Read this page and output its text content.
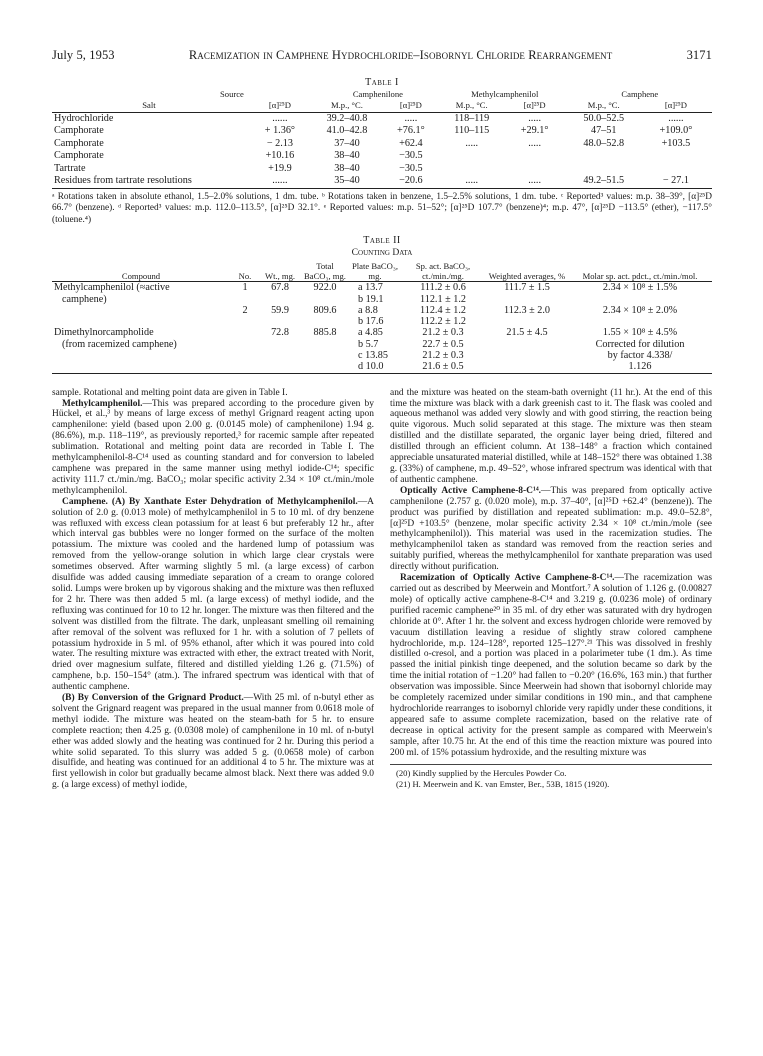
July 5, 1953	Racemization in Camphene Hydrochloride–Isobornyl Chloride Rearrangement	3171
Table I
Source		Camphenilone		Methylcamphenilol		Camphene	
Salt	[α]²⁵D	M.p., °C.	[α]²⁵D	M.p., °C.	[α]²⁵D	M.p., °C.	[α]²⁵D
Hydrochloride	......	39.2–40.8	.....	118–119	.....	50.0–52.5	......
Camphorate	+ 1.36°	41.0–42.8	+76.1°	110–115	+29.1°	47–51	+109.0°
Camphorate	− 2.13	37–40	+62.4	.....	.....	48.0–52.8	+103.5
Camphorate	+10.16	38–40	−30.5				
Tartrate	+19.9	38–40	−30.5				
Residues from tartrate resolutions	......	35–40	−20.6	.....	.....	49.2–51.5	− 27.1

ᵃ Rotations taken in absolute ethanol, 1.5–2.0% solutions, 1 dm. tube. ᵇ Rotations taken in benzene, 1.5–2.5% solutions, 1 dm. tube. ᶜ Reported³ values: m.p. 38–39°, [α]²⁵D 66.7° (benzene). ᵈ Reported³ values: m.p. 112.0–113.5°, [α]²⁵D 32.1°. ᵉ Reported values: m.p. 51–52°; [α]²⁵D 107.7° (benzene)⁴; m.p. 47°, [α]²⁵D −113.5° (ether), −117.5° (toluene.⁴)

Table II
Counting Data
Compound	No.	Wt., mg.	Total BaCO₃, mg.	Plate BaCO₃, mg.	Sp. act. BaCO₃, ct./min./mg.	Weighted averages, %	Molar sp. act. pdct., ct./min./mol.
Methylcamphenilol (≈active	1	67.8	922.0	a 13.7	111.2 ± 0.6	111.7 ± 1.5	2.34 × 10⁸ ± 1.5%
camphene)				b 19.1	112.1 ± 1.2		
	2	59.9	809.6	a 8.8	112.4 ± 1.2	112.3 ± 2.0	2.34 × 10⁸ ± 2.0%
				b 17.6	112.2 ± 1.2		
Dimethylnorcampholide		72.8	885.8	a 4.85	21.2 ± 0.3	21.5 ± 4.5	1.55 × 10⁸ ± 4.5%
(from racemized camphene)				b 5.7	22.7 ± 0.5		Corrected for dilution
				c 13.85	21.2 ± 0.3		by factor 4.338/
				d 10.0	21.6 ± 0.5		1.126

sample. Rotational and melting point data are given in Table I.

Methylcamphenilol.—This was prepared according to the procedure given by Hückel, et al.,³ by means of large excess of methyl Grignard reagent acting upon camphenilone: yield (based upon 2.00 g. (0.0145 mole) of camphenilone) 1.94 g. (86.6%), m.p. 118–119°, as previously reported,³ for racemic sample after repeated sublimation. Rotational and melting point data are recorded in Table I. The methylcamphenilol-8-C¹⁴ used as counting standard and for conversion to labeled camphene was prepared in the same manner using methyl iodide-C¹⁴; specific activity 111.7 ct./min./mg. BaCO₃; molar specific activity 2.34 × 10⁸ ct./min./mole methylcamphenilol.

Camphene. (A) By Xanthate Ester Dehydration of Methylcamphenilol.—A solution of 2.0 g. (0.013 mole) of methylcamphenilol in 5 to 10 ml. of dry benzene was refluxed with excess clean potassium for at least 6 but preferably 12 hr., after which interval gas bubbles were no longer formed on the surface of the molten potassium. The mixture was cooled and the hardened lump of potassium was removed from the yellow-orange solution in which large clear crystals were sometimes observed. After warming slightly 5 ml. (a large excess) of carbon disulfide was added causing immediate separation of a cream to orange colored solid. Lumps were broken up by vigorous shaking and the mixture was then refluxed for 2 hr. There was then added 5 ml. (a large excess) of methyl iodide, and the refluxing was continued for 10 to 12 hr. longer. The mixture was then filtered and the solvent was distilled from the filtrate. The dark, unpleasant smelling oil remaining after removal of the solvent was refluxed for 1 hr. with a solution of 7 pellets of potassium hydroxide in 5 ml. of 95% ethanol, after which it was poured into cold water. The resulting mixture was extracted with ether, the extract treated with Norit, dried over magnesium sulfate, filtered and distilled yielding 1.26 g. (71.5%) of camphene, b.p. 150–154° (atm.). The infrared spectrum was identical with that of authentic camphene.

(B) By Conversion of the Grignard Product.—With 25 ml. of n-butyl ether as solvent the Grignard reagent was prepared in the usual manner from 0.0618 mole of methyl iodide. The mixture was heated on the steam-bath for 5 hr. to ensure complete reaction; then 4.25 g. (0.0308 mole) of camphenilone in 10 ml. of n-butyl ether was added slowly and the heating was continued for 2 hr. During this period a white solid separated. To this slurry was added 5 g. (0.0658 mole) of carbon disulfide, and heating was continued for an additional 4 to 5 hr. The mixture was at first yellowish in color but gradually became almost black. Next there was added 9.0 g. (a large excess) of methyl iodide,

and the mixture was heated on the steam-bath overnight (11 hr.). At the end of this time the mixture was black with a dark greenish cast to it. The flask was cooled and aqueous methanol was added very slowly and with good stirring, the reaction being quite vigorous. Much solid separated at this stage. The mixture was then steam distilled and the distillate separated, the organic layer being dried, filtered and distilled through an efficient column. At 138–148° a fraction which contained appreciable unsaturated material distilled, while at 148–152° there was obtained 1.38 g. (33%) of camphene, m.p. 49–52°, whose infrared spectrum was identical with that of authentic camphene.

Optically Active Camphene-8-C¹⁴.—This was prepared from optically active camphenilone (2.757 g. (0.020 mole), m.p. 37–40°, [α]²⁵D +62.4° (benzene)). The product was purified by distillation and repeated sublimation: m.p. 49.0–52.8°, [α]²⁵D +103.5° (benzene, molar specific activity 2.34 × 10⁸ ct./min./mole (see methylcamphenilol)). This material was used in the racemization studies. The methylcamphenilol taken as standard was removed from the reaction series and suitably purified, whereas the methylcamphenilol for xanthate preparation was used directly without purification.

Racemization of Optically Active Camphene-8-C¹⁴.—The racemization was carried out as described by Meerwein and Montfort.⁷ A solution of 1.126 g. (0.00827 mole) of optically active camphene-8-C¹⁴ and 3.219 g. (0.0236 mole) of ordinary purified racemic camphene²⁰ in 35 ml. of dry ether was saturated with dry hydrogen chloride at 0°. After 1 hr. the solvent and excess hydrogen chloride were removed by vacuum distillation leaving a residue of slightly straw colored camphene hydrochloride, m.p. 124–128°, reported 125–127°.²¹ This was dissolved in freshly distilled o-cresol, and a portion was placed in a polarimeter tube (1 dm.). As time passed the initial pinkish tinge deepened, and the solution became so dark by the time the initial rotation of −1.20° had fallen to −0.20° (16.6%, 163 min.) that further observation was impossible. Since Meerwein had shown that isobornyl chloride may be completely racemized under similar conditions in 190 min., and that camphene hydrochloride rearranges to isobornyl chloride very rapidly under these conditions, it appeared safe to assume complete racemization, based on the relative rate of decrease in optical activity for the present sample as compared with Meerwein's sample, after 10.75 hr. At the end of this time the reaction mixture was poured into 200 ml. of 15% potassium hydroxide, and the resulting mixture was

(20) Kindly supplied by the Hercules Powder Co.
(21) H. Meerwein and K. van Emster, Ber., 53B, 1815 (1920).
